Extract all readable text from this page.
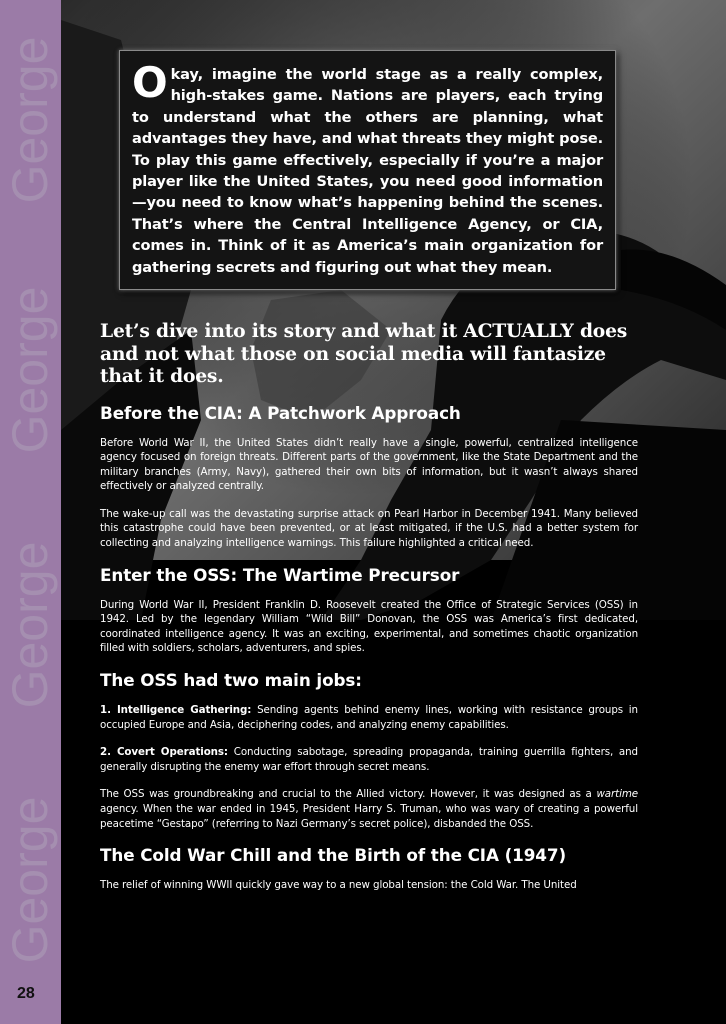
George
George
George
George
28

Okay, imagine the world stage as a really complex, high-stakes game. Nations are players, each trying to understand what the others are planning, what advantages they have, and what threats they might pose. To play this game effectively, especially if you’re a major player like the United States, you need good information—you need to know what’s happening behind the scenes. That’s where the Central Intelligence Agency, or CIA, comes in. Think of it as America’s main organization for gathering secrets and figuring out what they mean.

Let’s dive into its story and what it ACTUALLY does and not what those on social media will fantasize that it does.
Before the CIA: A Patchwork Approach

Before World War II, the United States didn’t really have a single, powerful, centralized intelligence agency focused on foreign threats. Different parts of the government, like the State Department and the military branches (Army, Navy), gathered their own bits of information, but it wasn’t always shared effectively or analyzed centrally.

The wake-up call was the devastating surprise attack on Pearl Harbor in December 1941. Many believed this catastrophe could have been prevented, or at least mitigated, if the U.S. had a better system for collecting and analyzing intelligence warnings. This failure highlighted a critical need.

Enter the OSS: The Wartime Precursor

During World War II, President Franklin D. Roosevelt created the Office of Strategic Services (OSS) in 1942. Led by the legendary William “Wild Bill” Donovan, the OSS was America’s first dedicated, coordinated intelligence agency. It was an exciting, experimental, and sometimes chaotic organization filled with soldiers, scholars, adventurers, and spies.

The OSS had two main jobs:

1. Intelligence Gathering: Sending agents behind enemy lines, working with resistance groups in occupied Europe and Asia, deciphering codes, and analyzing enemy capabilities.

2. Covert Operations: Conducting sabotage, spreading propaganda, training guerrilla fighters, and generally disrupting the enemy war effort through secret means.

The OSS was groundbreaking and crucial to the Allied victory. However, it was designed as a wartime agency. When the war ended in 1945, President Harry S. Truman, who was wary of creating a powerful peacetime “Gestapo” (referring to Nazi Germany’s secret police), disbanded the OSS.

The Cold War Chill and the Birth of the CIA (1947)

The relief of winning WWII quickly gave way to a new global tension: the Cold War. The United
